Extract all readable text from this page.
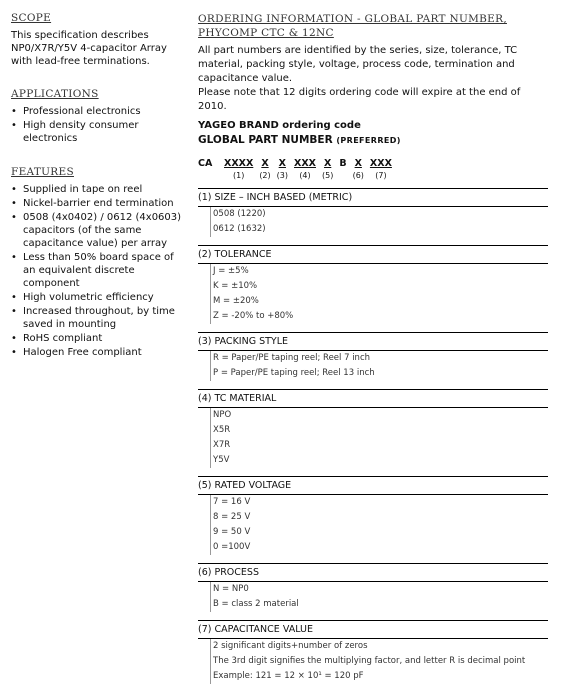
SCOPE

This specification describes NP0/X7R/Y5V 4-capacitor Array with lead-free terminations.

APPLICATIONS
• Professional electronics
• High density consumer electronics
FEATURES
• Supplied in tape on reel
• Nickel-barrier end termination
• 0508 (4x0402) / 0612 (4x0603) capacitors (of the same capacitance value) per array
• Less than 50% board space of an equivalent discrete component
• High volumetric efficiency
• Increased throughout, by time saved in mounting
• RoHS compliant
• Halogen Free compliant
ORDERING INFORMATION - GLOBAL PART NUMBER, PHYCOMP CTC & 12NC

All part numbers are identified by the series, size, tolerance, TC material, packing style, voltage, process code, termination and capacitance value.

Please note that 12 digits ordering code will expire at the end of 2010.

YAGEO BRAND ordering code
GLOBAL PART NUMBER (PREFERRED)
CA	XXXX
(1)
X
(2)
X
(3)
XXX
(4)
X
(5)
B X
(6)
XXX
(7)
(1) SIZE – INCH BASED (METRIC)
0508 (1220)
0612 (1632)
(2) TOLERANCE
J = ±5%
K = ±10%
M = ±20%
Z = -20% to +80%
(3) PACKING STYLE
R = Paper/PE taping reel; Reel 7 inch
P = Paper/PE taping reel; Reel 13 inch
(4) TC MATERIAL
NPO
X5R
X7R
Y5V
(5) RATED VOLTAGE
7 = 16 V
8 = 25 V
9 = 50 V
0 =100V
(6) PROCESS
N = NP0
B = class 2 material
(7) CAPACITANCE VALUE
2 significant digits+number of zeros
The 3rd digit signifies the multiplying factor, and letter R is decimal point
Example: 121 = 12 × 10¹ = 120 pF
